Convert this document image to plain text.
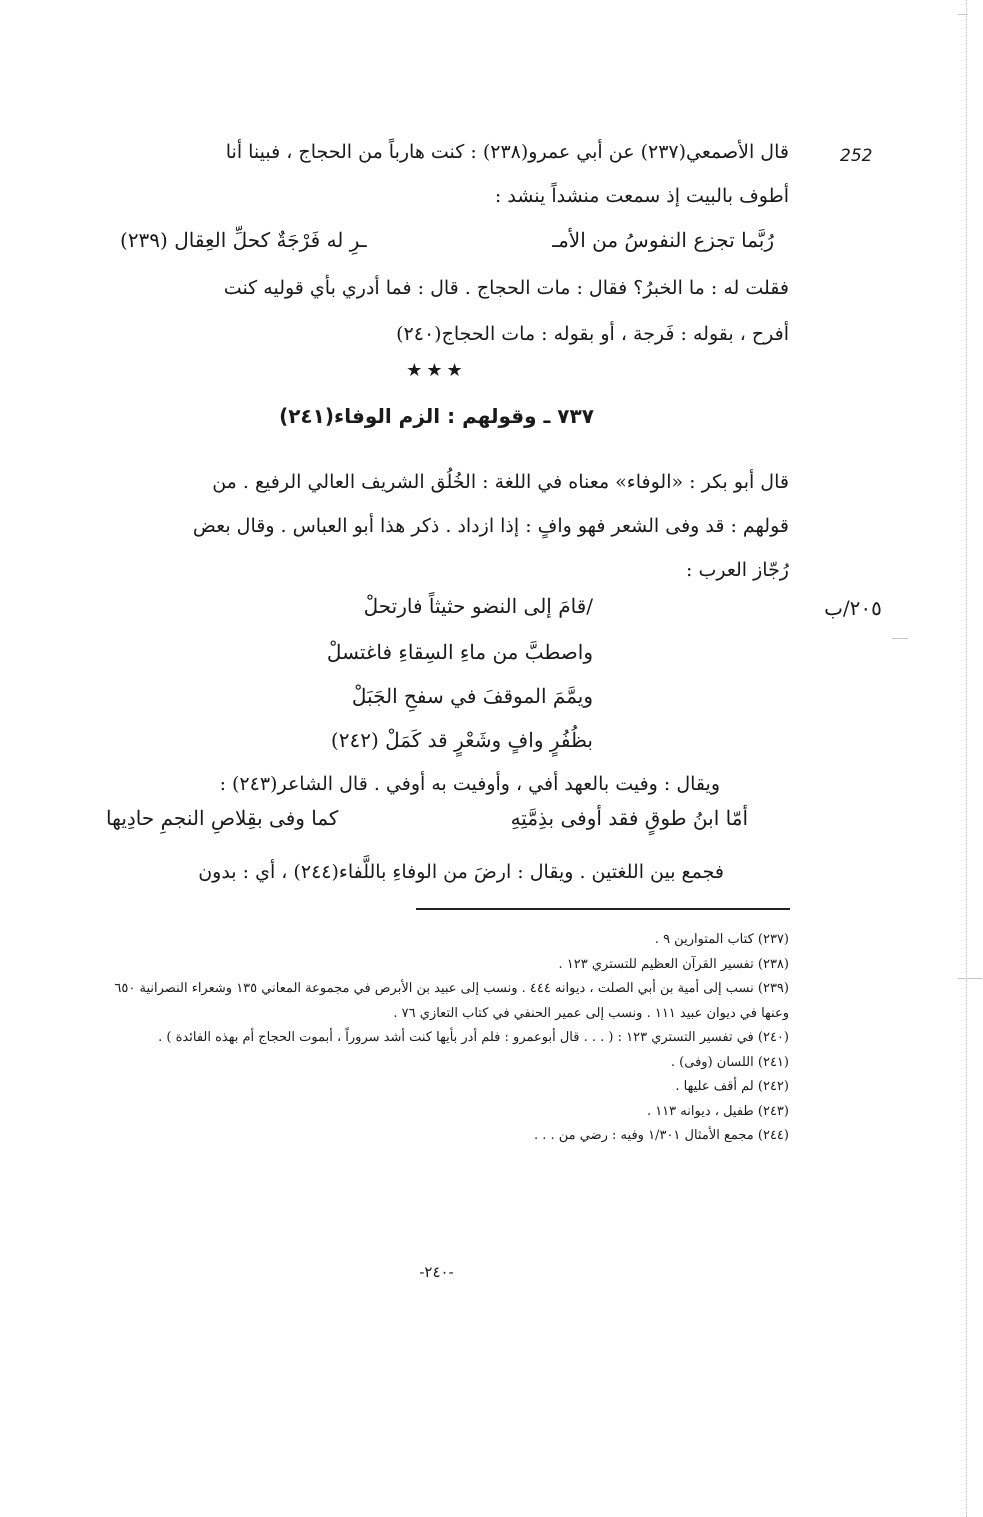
252
٢٠٥/ب
قال الأصمعي(٢٣٧) عن أبي عمرو(٢٣٨) : كنت هارباً من الحجاج ، فبينا أنا
أطوف بالبيت إذ سمعت منشداً ينشد :
رُبَّما تجزع النفوسُ من الأمـ
ـرِ له فَرْجَةٌ كحلِّ العِقال (٢٣٩)
فقلت له : ما الخبرُ؟ فقال : مات الحجاج . قال : فما أدري بأي قوليه كنت
أفرح ، بقوله : فَرجة ، أو بقوله : مات الحجاج(٢٤٠)
★★★
٧٣٧ ـ وقولهم : الزم الوفاء(٢٤١)
قال أبو بكر : «الوفاء» معناه في اللغة : الخُلُق الشريف العالي الرفيع . من
قولهم : قد وفى الشعر فهو وافٍ : إذا ازداد . ذكر هذا أبو العباس . وقال بعض
رُجّاز العرب :
/قامَ إلى النضو حثيثاً فارتحلْ
واصطبَّ من ماءِ السِقاءِ فاغتسلْ
ويمَّمَ الموقفَ في سفحِ الجَبَلْ
بظُفُرٍ وافٍ وشَعْرٍ قد كَمَلْ (٢٤٢)
ويقال : وفيت بالعهد أفي ، وأوفيت به أوفي . قال الشاعر(٢٤٣) :
أمّا ابنُ طوقٍ فقد أوفى بذِمَّتِهِ
كما وفى بقِلاصِ النجمِ حادِيها
فجمع بين اللغتين . ويقال : ارضَ من الوفاءِ باللَّفاء(٢٤٤) ، أي : بدون
(٢٣٧) كتاب المتوارين ٩ .
(٢٣٨) تفسير القرآن العظيم للتستري ١٢٣ .
(٢٣٩) نسب إلى أمية بن أبي الصلت ، ديوانه ٤٤٤ . ونسب إلى عبيد بن الأبرص في مجموعة المعاني ١٣٥ وشعراء النصرانية ٦٥٠ وعنها في ديوان عبيد ١١١ . ونسب إلى عمير الحنفي في كتاب التعازي ٧٦ .
(٢٤٠) في تفسير التستري ١٢٣ : ( . . . قال أبوعمرو : فلم أدر بأيها كنت أشد سروراً ، أبموت الحجاج أم بهذه الفائدة ) .
(٢٤١) اللسان (وفى) .
(٢٤٢) لم أقف عليها .
(٢٤٣) طفيل ، ديوانه ١١٣ .
(٢٤٤) مجمع الأمثال ١/٣٠١ وفيه : رضي من . . .
-٢٤٠-
